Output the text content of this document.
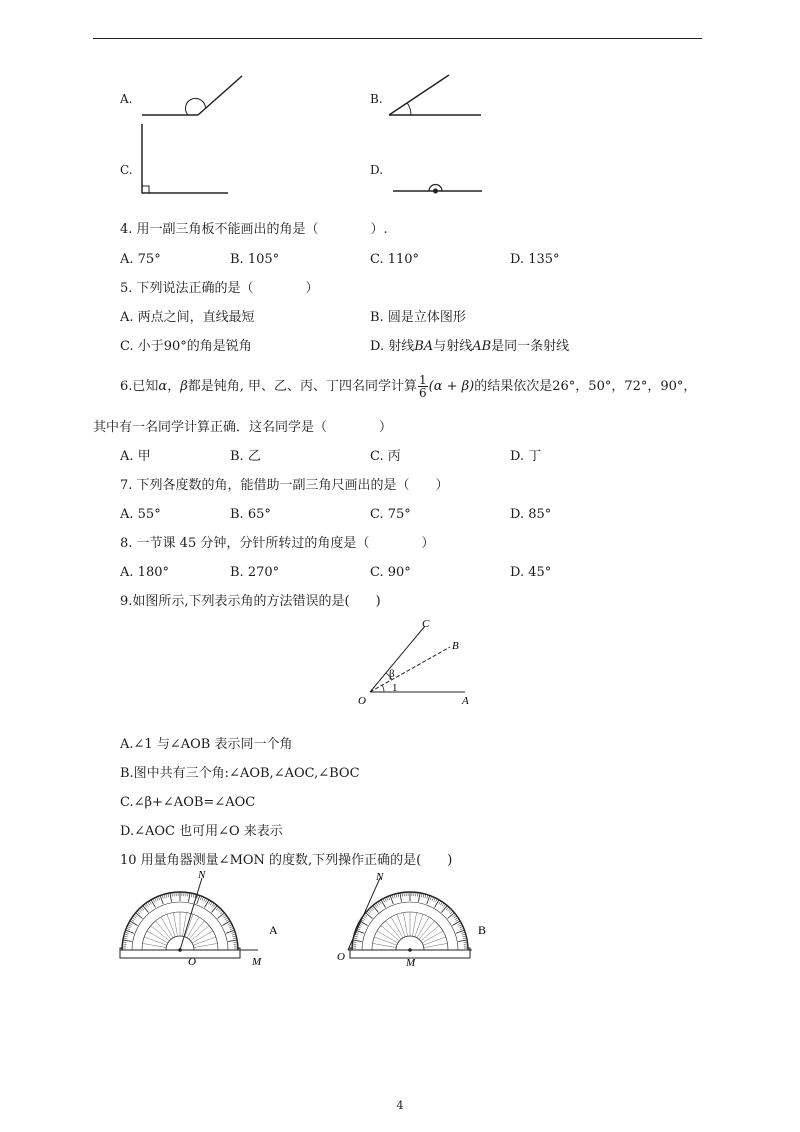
A.	B.
C.	D.
4. 用一副三角板不能画出的角是（　　　　）.
A. 75°	B. 105°	C. 110°	D. 135°
5. 下列说法正确的是（　　　　）
A. 两点之间，直线最短	B. 圆是立体图形
C. 小于90°的角是锐角	D. 射线BA与射线AB是同一条射线
6.已知α，β都是钝角, 甲、乙、丙、丁四名同学计算 $\frac{1}{6} (\alpha + \beta)$的结果依次是26°，50°，72°，90°，
其中有一名同学计算正确．这名同学是（　　　　）
A. 甲	B. 乙	C. 丙	D. 丁
7. 下列各度数的角，能借助一副三角尺画出的是（　　）
A. 55°	B. 65°	C. 75°	D. 85°
8. 一节课 45 分钟，分针所转过的角度是（　　　　）
A. 180°	B. 270°	C. 90°	D. 45°
9.如图所示,下列表示角的方法错误的是(　　)
C
B
β
1
O	A
A.∠1 与∠AOB 表示同一个角
B.图中共有三个角:∠AOB,∠AOC,∠BOC
C.∠β+∠AOB=∠AOC
D.∠AOC 也可用∠O 来表示
10 用量角器测量∠MON 的度数,下列操作正确的是(　　)
N
O	M
A
N
O	M
B
4
